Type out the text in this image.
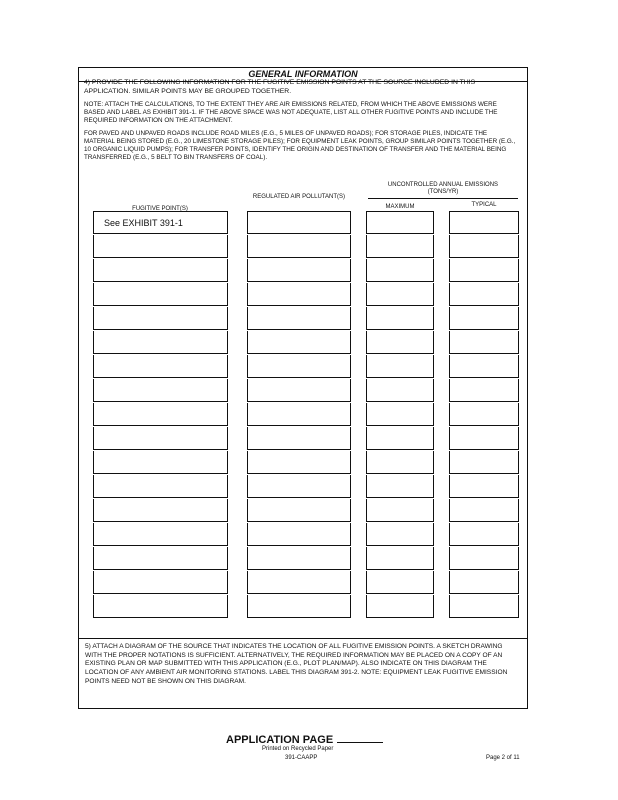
GENERAL INFORMATION

4) PROVIDE THE FOLLOWING INFORMATION FOR THE FUGITIVE EMISSION POINTS AT THE SOURCE INCLUDED IN THIS APPLICATION. SIMILAR POINTS MAY BE GROUPED TOGETHER.

NOTE: ATTACH THE CALCULATIONS, TO THE EXTENT THEY ARE AIR EMISSIONS RELATED, FROM WHICH THE ABOVE EMISSIONS WERE BASED AND LABEL AS EXHIBIT 391-1. IF THE ABOVE SPACE WAS NOT ADEQUATE, LIST ALL OTHER FUGITIVE POINTS AND INCLUDE THE REQUIRED INFORMATION ON THE ATTACHMENT.

FOR PAVED AND UNPAVED ROADS INCLUDE ROAD MILES (E.G., 5 MILES OF UNPAVED ROADS); FOR STORAGE PILES, INDICATE THE MATERIAL BEING STORED (E.G., 20 LIMESTONE STORAGE PILES); FOR EQUIPMENT LEAK POINTS, GROUP SIMILAR POINTS TOGETHER (E.G., 10 ORGANIC LIQUID PUMPS); FOR TRANSFER POINTS, IDENTIFY THE ORIGIN AND DESTINATION OF TRANSFER AND THE MATERIAL BEING TRANSFERRED (E.G., 5 BELT TO BIN TRANSFERS OF COAL).

UNCONTROLLED ANNUAL EMISSIONS
(TONS/YR)
FUGITIVE POINT(S)
REGULATED AIR POLLUTANT(S)
MAXIMUM	TYPICAL
See EXHIBIT 391-1
5) ATTACH A DIAGRAM OF THE SOURCE THAT INDICATES THE LOCATION OF ALL FUGITIVE EMISSION POINTS. A SKETCH DRAWING WITH THE PROPER NOTATIONS IS SUFFICIENT. ALTERNATIVELY, THE REQUIRED INFORMATION MAY BE PLACED ON A COPY OF AN EXISTING PLAN OR MAP SUBMITTED WITH THIS APPLICATION (E.G., PLOT PLAN/MAP). ALSO INDICATE ON THIS DIAGRAM THE LOCATION OF ANY AMBIENT AIR MONITORING STATIONS. LABEL THIS DIAGRAM 391-2. NOTE: EQUIPMENT LEAK FUGITIVE EMISSION POINTS NEED NOT BE SHOWN ON THIS DIAGRAM.
APPLICATION PAGE
Printed on Recycled Paper
391-CAAPP	Page 2 of 11
